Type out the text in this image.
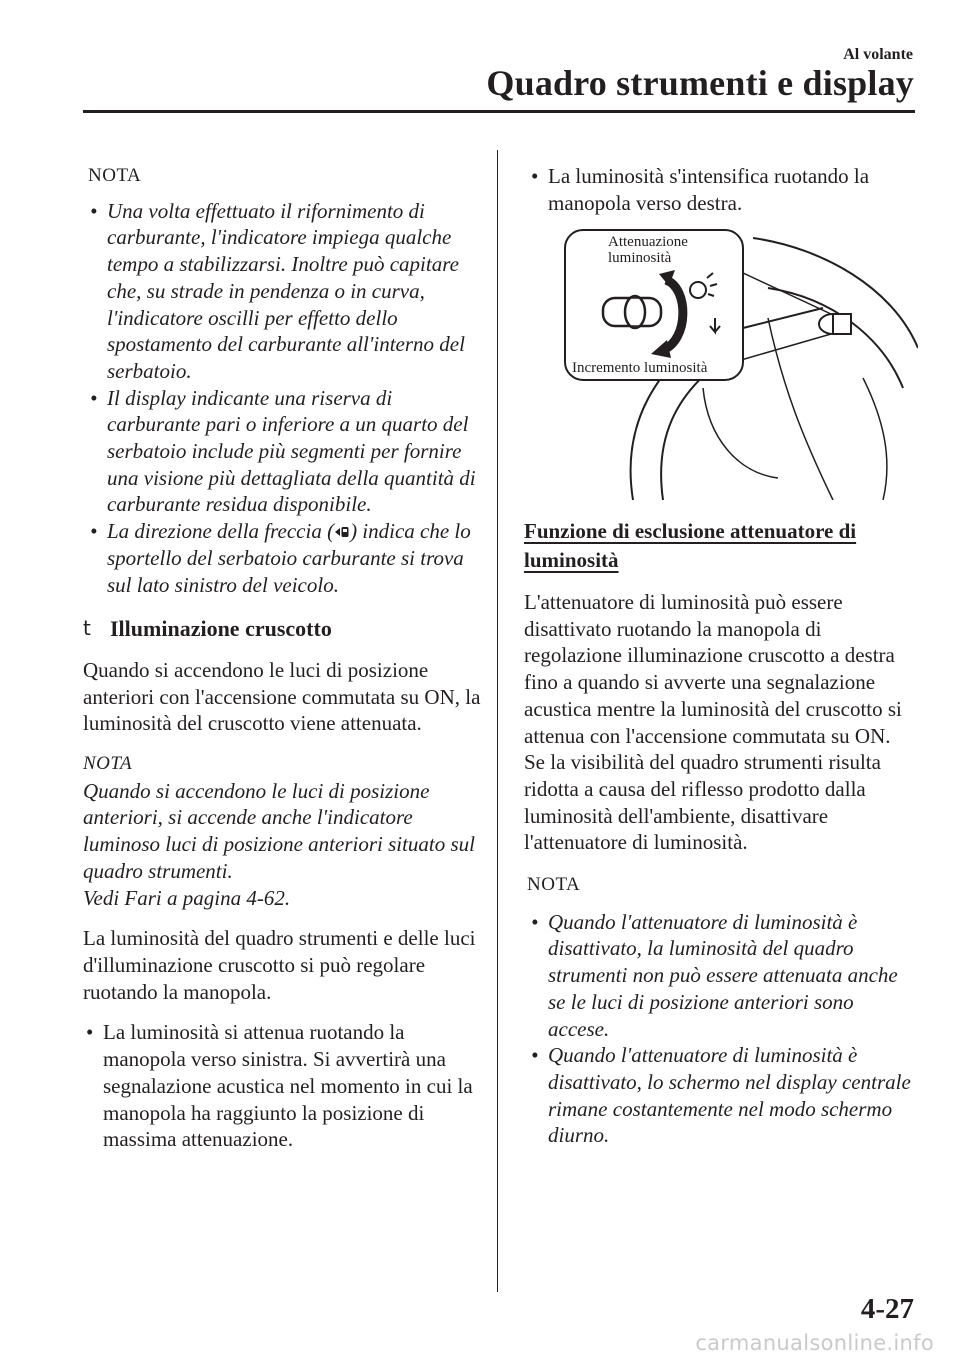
Al volante
Quadro strumenti e display

NOTA

• Una volta effettuato il rifornimento di carburante, l'indicatore impiega qualche tempo a stabilizzarsi. Inoltre può capitare che, su strade in pendenza o in curva, l'indicatore oscilli per effetto dello spostamento del carburante all'interno del serbatoio.

• Il display indicante una riserva di carburante pari o inferiore a un quarto del serbatoio include più segmenti per fornire una visione più dettagliata della quantità di carburante residua disponibile.

• La direzione della freccia ( ) indica che lo sportello del serbatoio carburante si trova sul lato sinistro del veicolo.

t Illuminazione cruscotto

Quando si accendono le luci di posizione anteriori con l'accensione commutata su ON, la luminosità del cruscotto viene attenuata.

NOTA

Quando si accendono le luci di posizione anteriori, si accende anche l'indicatore luminoso luci di posizione anteriori situato sul quadro strumenti.

Vedi Fari a pagina 4-62.

La luminosità del quadro strumenti e delle luci d'illuminazione cruscotto si può regolare ruotando la manopola.

• La luminosità si attenua ruotando la manopola verso sinistra. Si avvertirà una segnalazione acustica nel momento in cui la manopola ha raggiunto la posizione di massima attenuazione.

• La luminosità s'intensifica ruotando la manopola verso destra.

Attenuazione
luminosità
Incremento luminosità

Funzione di esclusione attenuatore di
luminosità

L'attenuatore di luminosità può essere disattivato ruotando la manopola di regolazione illuminazione cruscotto a destra fino a quando si avverte una segnalazione acustica mentre la luminosità del cruscotto si attenua con l'accensione commutata su ON. Se la visibilità del quadro strumenti risulta ridotta a causa del riflesso prodotto dalla luminosità dell'ambiente, disattivare l'attenuatore di luminosità.

NOTA

• Quando l'attenuatore di luminosità è disattivato, la luminosità del quadro strumenti non può essere attenuata anche se le luci di posizione anteriori sono accese.

• Quando l'attenuatore di luminosità è disattivato, lo schermo nel display centrale rimane costantemente nel modo schermo diurno.

4-27
carmanualsonline.info
